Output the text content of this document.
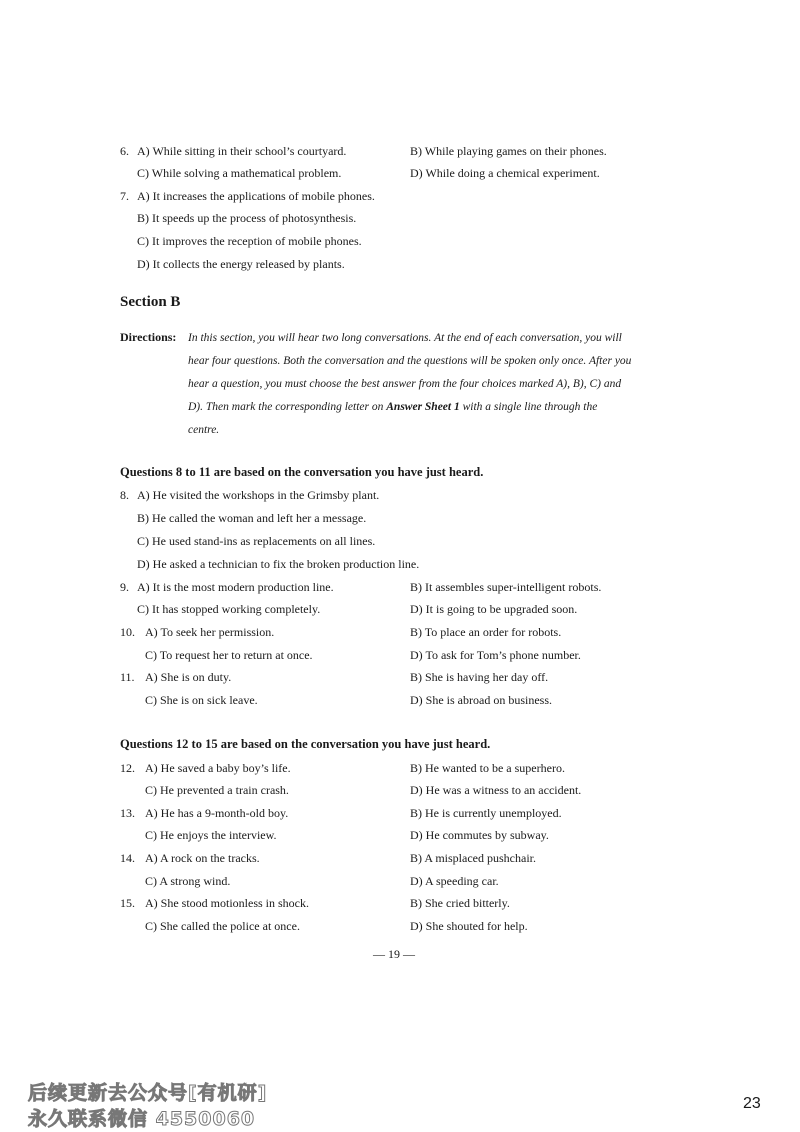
6. A) While sitting in their school’s courtyard.	B) While playing games on their phones.
C) While solving a mathematical problem.	D) While doing a chemical experiment.
7. A) It increases the applications of mobile phones.
B) It speeds up the process of photosynthesis.
C) It improves the reception of mobile phones.
D) It collects the energy released by plants.
Section B
Directions: In this section, you will hear two long conversations. At the end of each conversation, you will
hear four questions. Both the conversation and the questions will be spoken only once. After you
hear a question, you must choose the best answer from the four choices marked A), B), C) and
D). Then mark the corresponding letter on Answer Sheet 1 with a single line through the
centre.
Questions 8 to 11 are based on the conversation you have just heard.
8. A) He visited the workshops in the Grimsby plant.
B) He called the woman and left her a message.
C) He used stand-ins as replacements on all lines.
D) He asked a technician to fix the broken production line.
9. A) It is the most modern production line.	B) It assembles super-intelligent robots.
C) It has stopped working completely.	D) It is going to be upgraded soon.
10. A) To seek her permission.	B) To place an order for robots.
C) To request her to return at once.	D) To ask for Tom’s phone number.
11. A) She is on duty.	B) She is having her day off.
C) She is on sick leave.	D) She is abroad on business.
Questions 12 to 15 are based on the conversation you have just heard.
12. A) He saved a baby boy’s life.	B) He wanted to be a superhero.
C) He prevented a train crash.	D) He was a witness to an accident.
13. A) He has a 9-month-old boy.	B) He is currently unemployed.
C) He enjoys the interview.	D) He commutes by subway.
14. A) A rock on the tracks.	B) A misplaced pushchair.
C) A strong wind.	D) A speeding car.
15. A) She stood motionless in shock.	B) She cried bitterly.
C) She called the police at once.	D) She shouted for help.
— 19 —
后续更新去公众号[有机研]
永久联系微信 4550060
23
